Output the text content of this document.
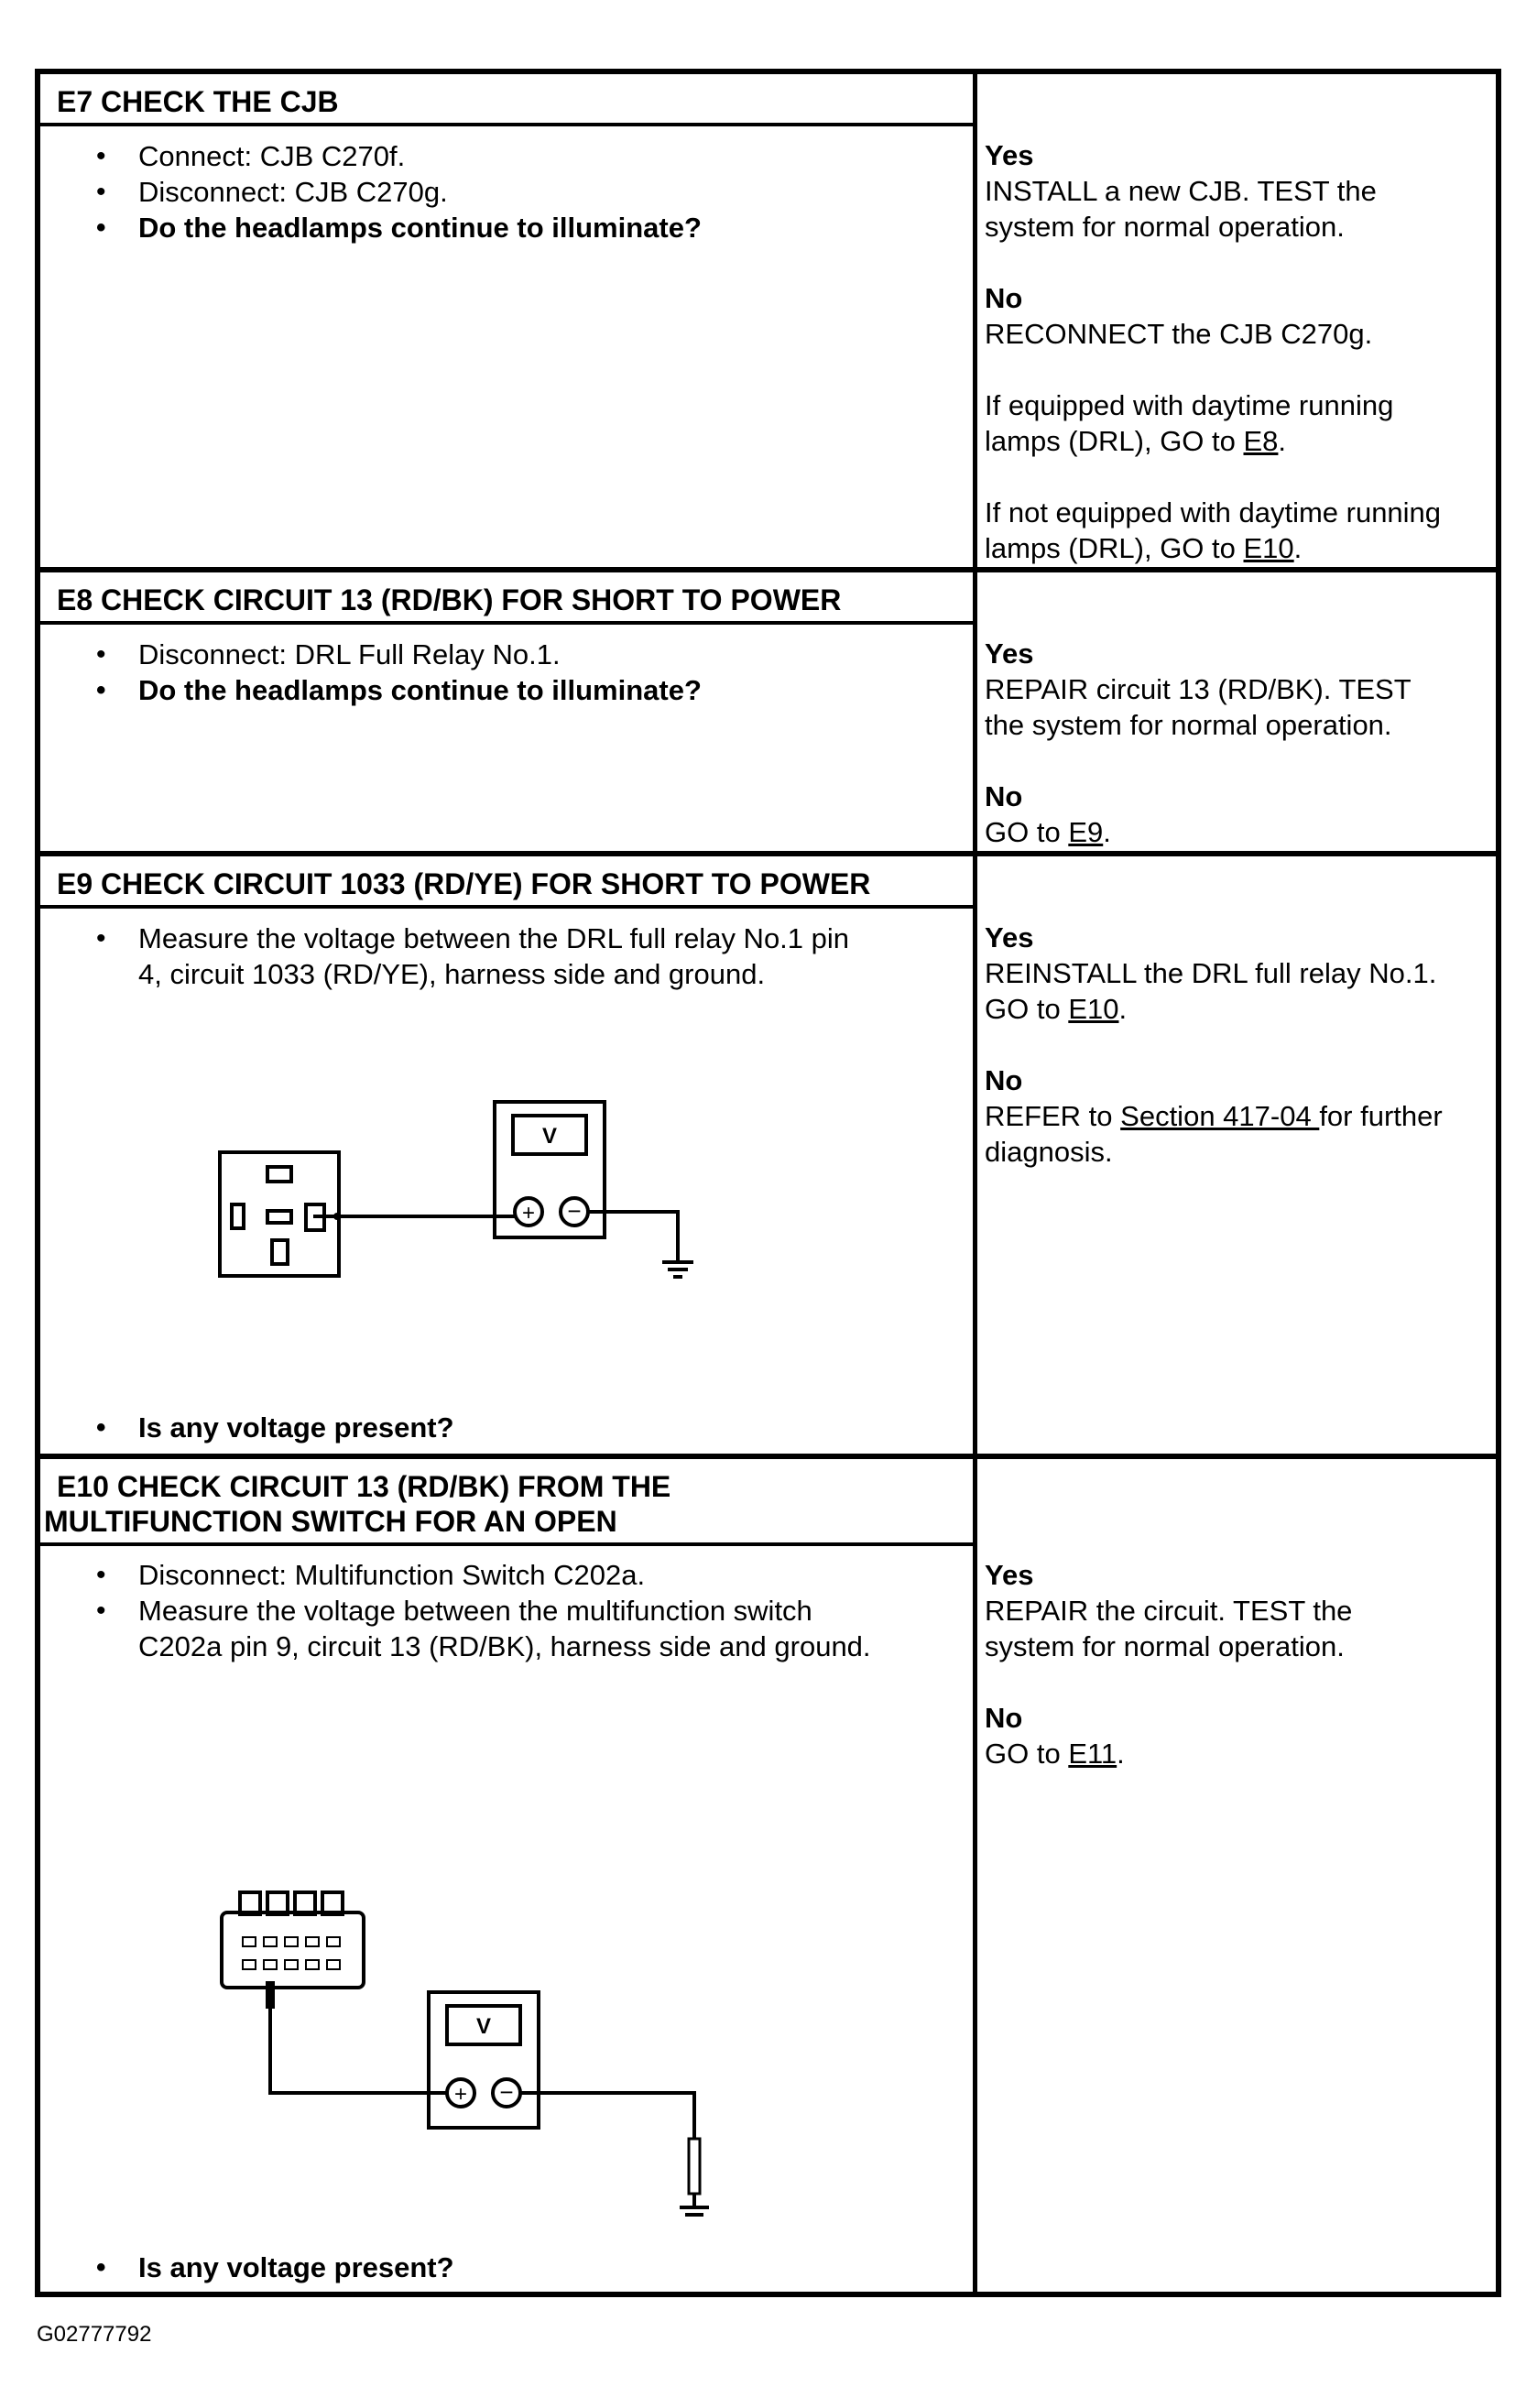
E7 CHECK THE CJB
• Connect: CJB C270f.
• Disconnect: CJB C270g.
• Do the headlamps continue to illuminate?

Yes

INSTALL a new CJB. TEST the

system for normal operation.

No

RECONNECT the CJB C270g.

If equipped with daytime running

lamps (DRL), GO to E8.

If not equipped with daytime running

lamps (DRL), GO to E10.

E8 CHECK CIRCUIT 13 (RD/BK) FOR SHORT TO POWER
• Disconnect: DRL Full Relay No.1.
• Do the headlamps continue to illuminate?

Yes

REPAIR circuit 13 (RD/BK). TEST

the system for normal operation.

No

GO to E9.

E9 CHECK CIRCUIT 1033 (RD/YE) FOR SHORT TO POWER
• Measure the voltage between the DRL full relay No.1 pin
4, circuit 1033 (RD/YE), harness side and ground.
+ −
V
• Is any voltage present?

Yes

REINSTALL the DRL full relay No.1.

GO to E10.

No

REFER to Section 417-04 for further

diagnosis.

E10 CHECK CIRCUIT 13 (RD/BK) FROM THE
MULTIFUNCTION SWITCH FOR AN OPEN
• Disconnect: Multifunction Switch C202a.
• Measure the voltage between the multifunction switch
C202a pin 9, circuit 13 (RD/BK), harness side and ground.
+ −
V
• Is any voltage present?

Yes

REPAIR the circuit. TEST the

system for normal operation.

No

GO to E11.

G02777792
